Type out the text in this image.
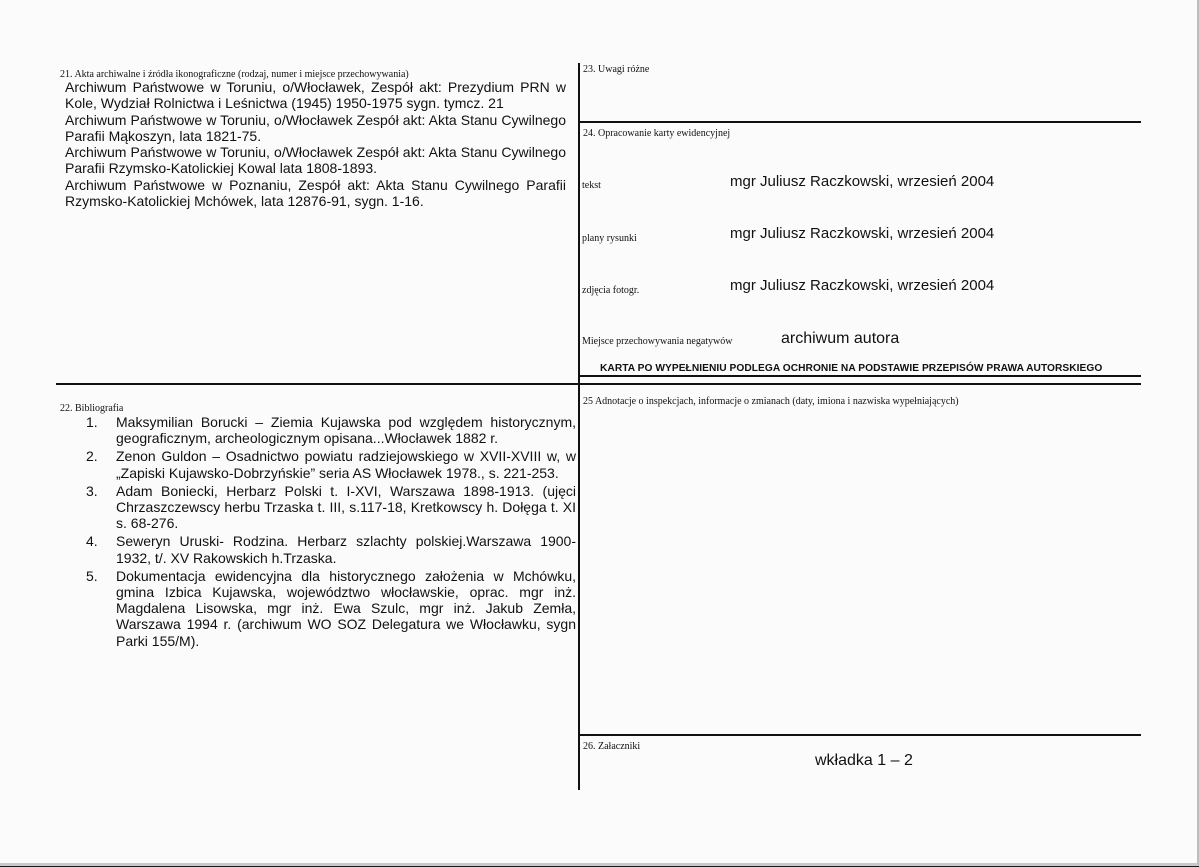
21. Akta archiwalne i źródła ikonograficzne (rodzaj, numer i miejsce przechowywania)

Archiwum Państwowe w Toruniu, o/Włocławek, Zespół akt: Prezydium PRN w Kole, Wydział Rolnictwa i Leśnictwa (1945) 1950-1975 sygn. tymcz. 21

Archiwum Państwowe w Toruniu, o/Włocławek Zespół akt: Akta Stanu Cywilnego Parafii Mąkoszyn, lata 1821-75.

Archiwum Państwowe w Toruniu, o/Włocławek Zespół akt: Akta Stanu Cywilnego Parafii Rzymsko-Katolickiej Kowal lata 1808-1893.

Archiwum Państwowe w Poznaniu, Zespół akt: Akta Stanu Cywilnego Parafii Rzymsko-Katolickiej Mchówek, lata 12876-91, sygn. 1-16.

23. Uwagi różne
24. Opracowanie karty ewidencyjnej
tekst	mgr Juliusz Raczkowski, wrzesień 2004
plany rysunki	mgr Juliusz Raczkowski, wrzesień 2004
zdjęcia fotogr.	mgr Juliusz Raczkowski, wrzesień 2004
Miejsce przechowywania negatywów	archiwum autora
KARTA PO WYPEŁNIENIU PODLEGA OCHRONIE NA PODSTAWIE PRZEPISÓW PRAWA AUTORSKIEGO
22. Bibliografia
1. Maksymilian Borucki – Ziemia Kujawska pod względem historycznym, geograficznym, archeologicznym opisana...Włocławek 1882 r.
2. Zenon Guldon – Osadnictwo powiatu radziejowskiego w XVII-XVIII w, w „Zapiski Kujawsko-Dobrzyńskie” seria AS Włocławek 1978., s. 221-253.
3. Adam Boniecki, Herbarz Polski t. I-XVI, Warszawa 1898-1913. (ujęci Chrzaszczewscy herbu Trzaska t. III, s.117-18, Kretkowscy h. Dołęga t. XI s. 68-276.
4. Seweryn Uruski- Rodzina. Herbarz szlachty polskiej.Warszawa 1900-1932, t/. XV Rakowskich h.Trzaska.
5. Dokumentacja ewidencyjna dla historycznego założenia w Mchówku, gmina Izbica Kujawska, województwo włocławskie, oprac. mgr inż. Magdalena Lisowska, mgr inż. Ewa Szulc, mgr inż. Jakub Zemła, Warszawa 1994 r. (archiwum WO SOZ Delegatura we Włocławku, sygn Parki 155/M).
25 Adnotacje o inspekcjach, informacje o zmianach (daty, imiona i nazwiska wypełniających)
26. Załaczniki
wkładka 1 – 2
